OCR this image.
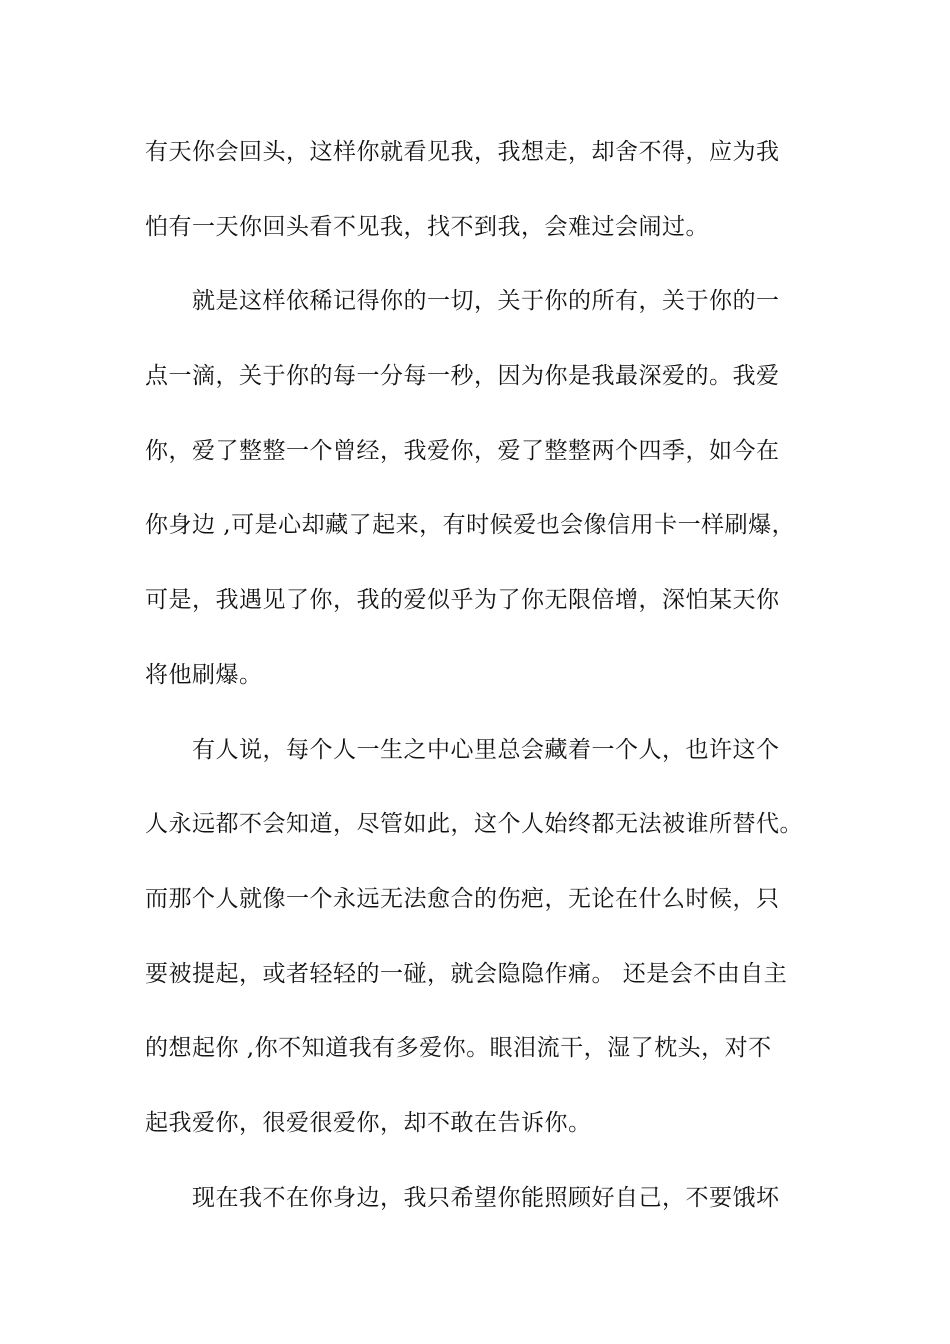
有天你会回头，这样你就看见我，我想走，却舍不得，应为我
怕有一天你回头看不见我，找不到我，会难过会闹过。
　　就是这样依稀记得你的一切，关于你的所有，关于你的一
点一滴，关于你的每一分每一秒，因为你是我最深爱的。我爱
你，爱了整整一个曾经，我爱你，爱了整整两个四季，如今在
你身边 ,可是心却藏了起来，有时候爱也会像信用卡一样刷爆，
可是，我遇见了你，我的爱似乎为了你无限倍增，深怕某天你
将他刷爆。
　　有人说，每个人一生之中心里总会藏着一个人，也许这个
人永远都不会知道，尽管如此，这个人始终都无法被谁所替代。
而那个人就像一个永远无法愈合的伤疤，无论在什么时候，只
要被提起，或者轻轻的一碰，就会隐隐作痛。 还是会不由自主
的想起你 ,你不知道我有多爱你。眼泪流干，湿了枕头，对不
起我爱你，很爱很爱你，却不敢在告诉你。
　　现在我不在你身边，我只希望你能照顾好自己，不要饿坏
